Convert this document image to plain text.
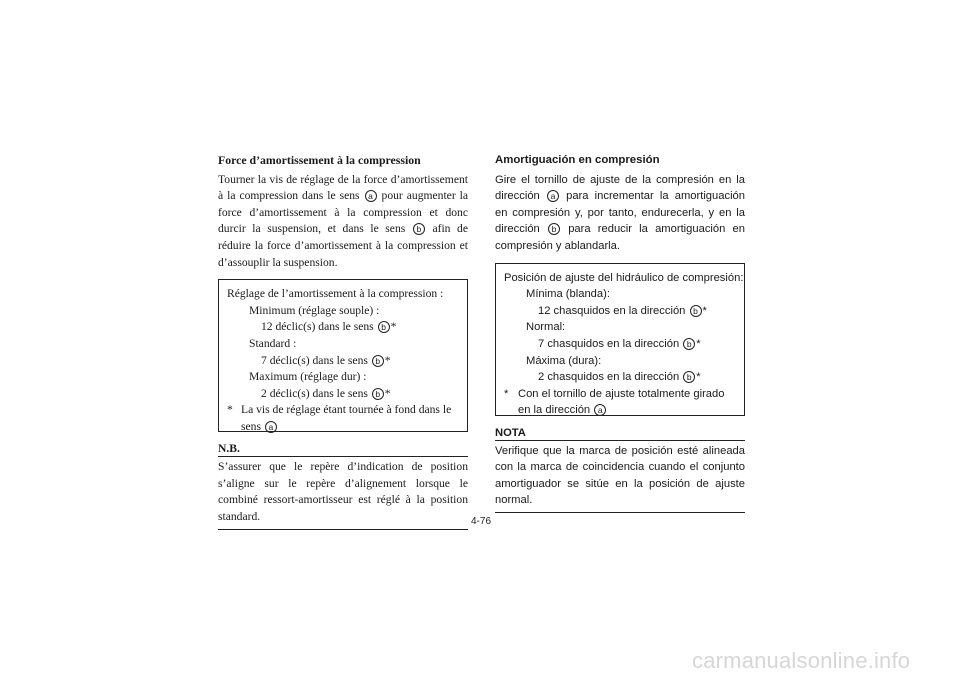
Force d’amortissement à la compression

Tourner la vis de réglage de la force d’amortissement à la compression dans le sens a pour augmenter la force d’amortissement à la compression et donc durcir la suspension, et dans le sens b afin de réduire la force d’amortissement à la compression et d’assouplir la suspension.

Réglage de l’amortissement à la compression :
Minimum (réglage souple) :
12 déclic(s) dans le sens
b *
Standard :
7 déclic(s) dans le sens
b *
Maximum (réglage dur) :
2 déclic(s) dans le sens
b *
* La vis de réglage étant tournée à fond dans le sens a
N.B.

S’assurer que le repère d’indication de position s’aligne sur le repère d’alignement lorsque le combiné ressort-amortisseur est réglé à la position standard.

Amortiguación en compresión

Gire el tornillo de ajuste de la compresión en la dirección a para incrementar la amortiguación en compresión y, por tanto, endurecerla, y en la dirección b para reducir la amortiguación en compresión y ablandarla.

Posición de ajuste del hidráulico de compresión:
Mínima (blanda):
12 chasquidos en la dirección
b *
Normal:
7 chasquidos en la dirección
b *
Máxima (dura):
2 chasquidos en la dirección
b *
* Con el tornillo de ajuste totalmente girado en la dirección a
NOTA

Verifique que la marca de posición esté alineada con la marca de coincidencia cuando el conjunto amortiguador se sitúe en la posición de ajuste normal.

4-76
carmanualsonline.info
